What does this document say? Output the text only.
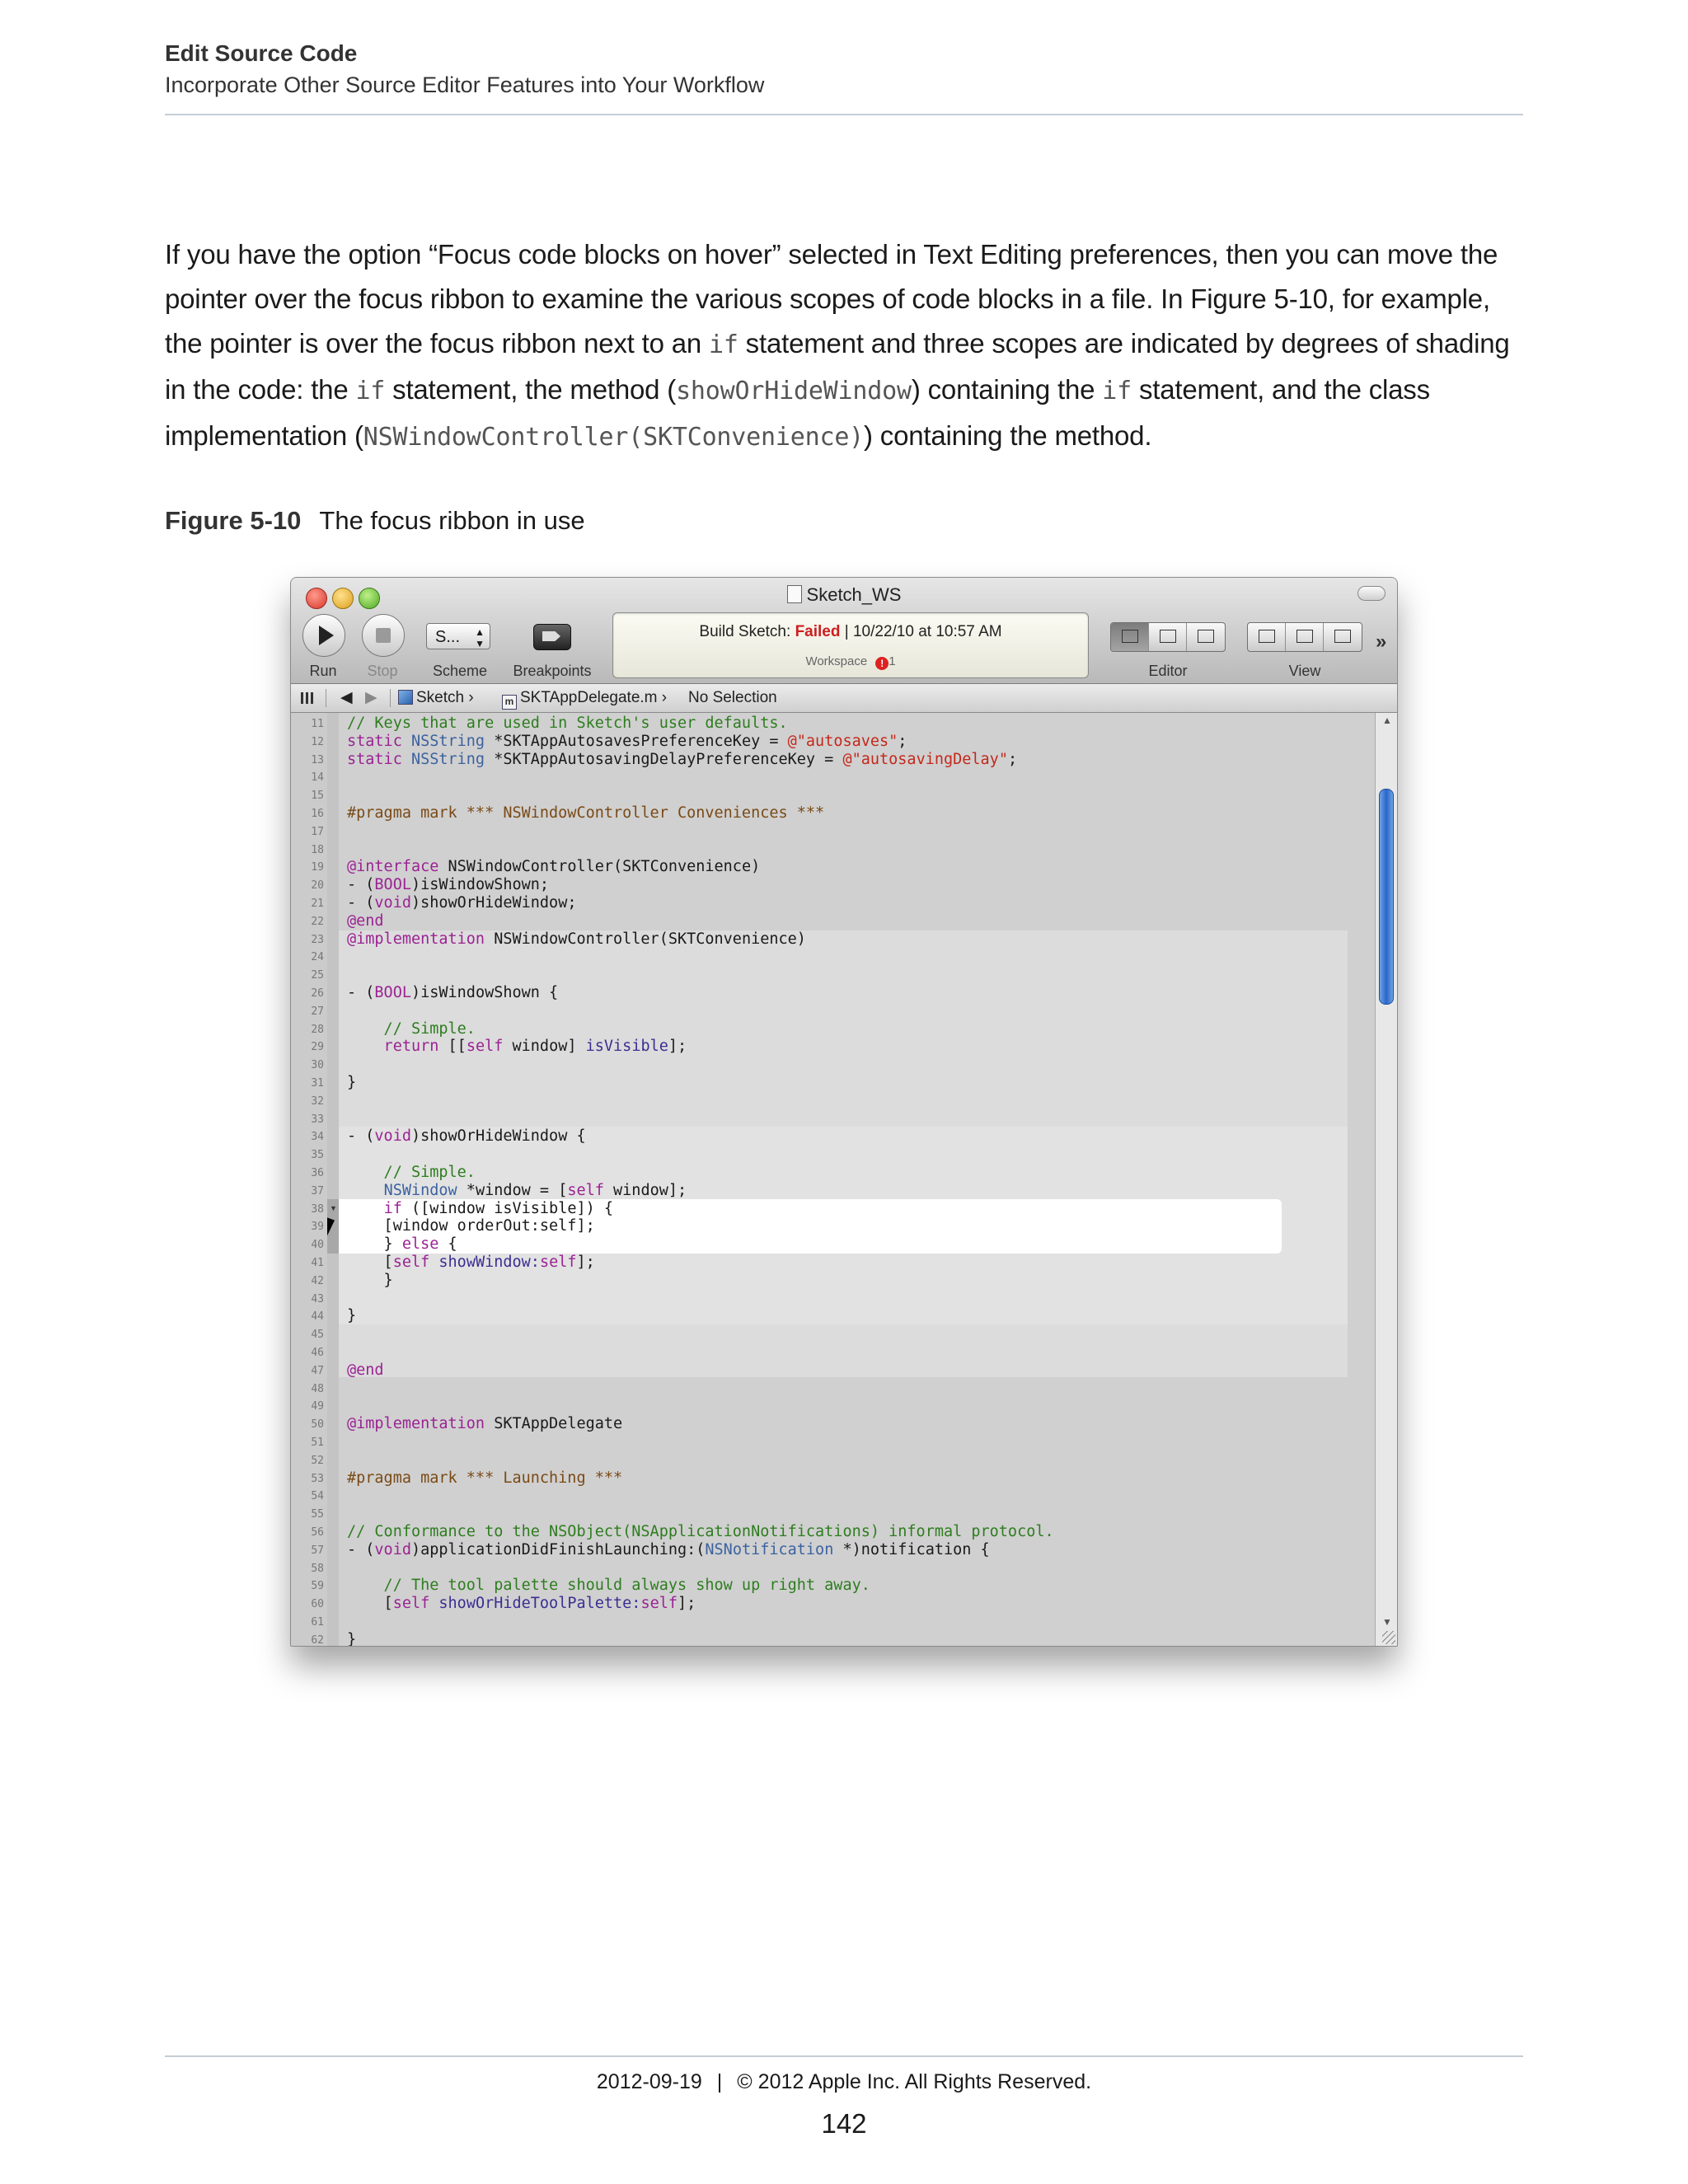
Edit Source Code
Incorporate Other Source Editor Features into Your Workflow
If you have the option “Focus code blocks on hover” selected in Text Editing preferences, then you can move the pointer over the focus ribbon to examine the various scopes of code blocks in a file. In Figure 5-10, for example, the pointer is over the focus ribbon next to an if statement and three scopes are indicated by degrees of shading in the code: the if statement, the method (showOrHideWindow) containing the if statement, and the class implementation (NSWindowController(SKTConvenience)) containing the method.
Figure 5-10 The focus ribbon in use
Sketch_WS
Run	Stop
S... ▲
▼
Scheme	Breakpoints
Build Sketch: Failed | 10/22/10 at 10:57 AM
Workspace ! 1
Editor	View
»
◀ ▶	Sketch ›	m SKTAppDelegate.m › No Selection
▼
11
12
13
14
15
16
17
18
19
20
21
22
23
24
25
26
27
28
29
30
31
32
33
34
35
36
37
38
39
40
41
42
43
44
45
46
47
48
49
50
51
52
53
54
55
56
57
58
59
60
61
62
// Keys that are used in Sketch's user defaults.
static NSString *SKTAppAutosavesPreferenceKey = @"autosaves";
static NSString *SKTAppAutosavingDelayPreferenceKey = @"autosavingDelay";
#pragma mark *** NSWindowController Conveniences ***
@interface NSWindowController(SKTConvenience)
- (BOOL)isWindowShown;
- (void)showOrHideWindow;
@end
@implementation NSWindowController(SKTConvenience)
- (BOOL)isWindowShown {
// Simple.
return [[self window] isVisible];
}
- (void)showOrHideWindow {
// Simple.
NSWindow *window = [self window];
if ([window isVisible]) {
[window orderOut:self];
} else {
[self showWindow:self];
}
}
@end
@implementation SKTAppDelegate
#pragma mark *** Launching ***
// Conformance to the NSObject(NSApplicationNotifications) informal protocol.
- (void)applicationDidFinishLaunching:(NSNotification *)notification {
// The tool palette should always show up right away.
[self showOrHideToolPalette:self];
}
▲
▼
2012-09-19 | © 2012 Apple Inc. All Rights Reserved.
142
